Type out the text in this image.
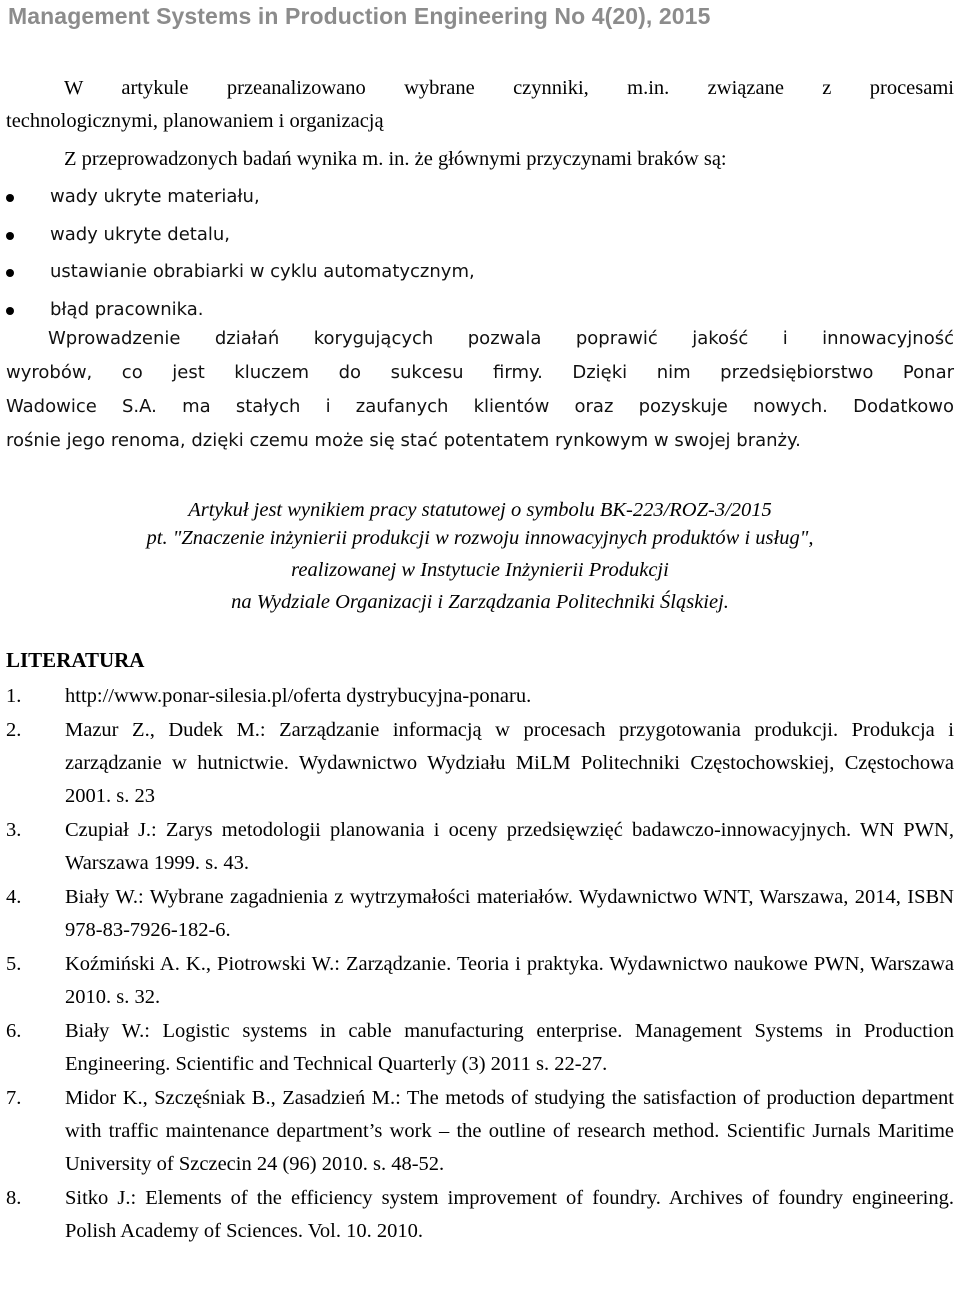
Management Systems in Production Engineering No 4(20), 2015
W artykule przeanalizowano wybrane czynniki, m.in. związane z procesami
technologicznymi, planowaniem i organizacją
Z przeprowadzonych badań wynika m. in. że głównymi przyczynami braków są:
wady ukryte materiału,
wady ukryte detalu,
ustawianie obrabiarki w cyklu automatycznym,
błąd pracownika.
Wprowadzenie działań korygujących pozwala poprawić jakość i innowacyjność
wyrobów, co jest kluczem do sukcesu firmy. Dzięki nim przedsiębiorstwo Ponar
Wadowice S.A. ma stałych i zaufanych klientów oraz pozyskuje nowych. Dodatkowo
rośnie jego renoma, dzięki czemu może się stać potentatem rynkowym w swojej branży.
Artykuł jest wynikiem pracy statutowej o symbolu BK-223/ROZ-3/2015
pt. "Znaczenie inżynierii produkcji w rozwoju innowacyjnych produktów i usług",
realizowanej w Instytucie Inżynierii Produkcji
na Wydziale Organizacji i Zarządzania Politechniki Śląskiej.
LITERATURA
1. http://www.ponar-silesia.pl/oferta dystrybucyjna-ponaru.
2. Mazur Z., Dudek M.: Zarządzanie informacją w procesach przygotowania produkcji. Produkcja i zarządzanie w hutnictwie. Wydawnictwo Wydziału MiLM Politechniki Częstochowskiej, Częstochowa 2001. s. 23
3. Czupiał J.: Zarys metodologii planowania i oceny przedsięwzięć badawczo-innowacyjnych. WN PWN, Warszawa 1999. s. 43.
4. Biały W.: Wybrane zagadnienia z wytrzymałości materiałów. Wydawnictwo WNT, Warszawa, 2014, ISBN 978-83-7926-182-6.
5. Koźmiński A. K., Piotrowski W.: Zarządzanie. Teoria i praktyka. Wydawnictwo naukowe PWN, Warszawa 2010. s. 32.
6. Biały W.: Logistic systems in cable manufacturing enterprise. Management Systems in Production Engineering. Scientific and Technical Quarterly (3) 2011 s. 22-27.
7. Midor K., Szczęśniak B., Zasadzień M.: The metods of studying the satisfaction of production department with traffic maintenance department’s work – the outline of research method. Scientific Jurnals Maritime University of Szczecin 24 (96) 2010. s. 48-52.
8. Sitko J.: Elements of the efficiency system improvement of foundry. Archives of foundry engineering. Polish Academy of Sciences. Vol. 10. 2010.
